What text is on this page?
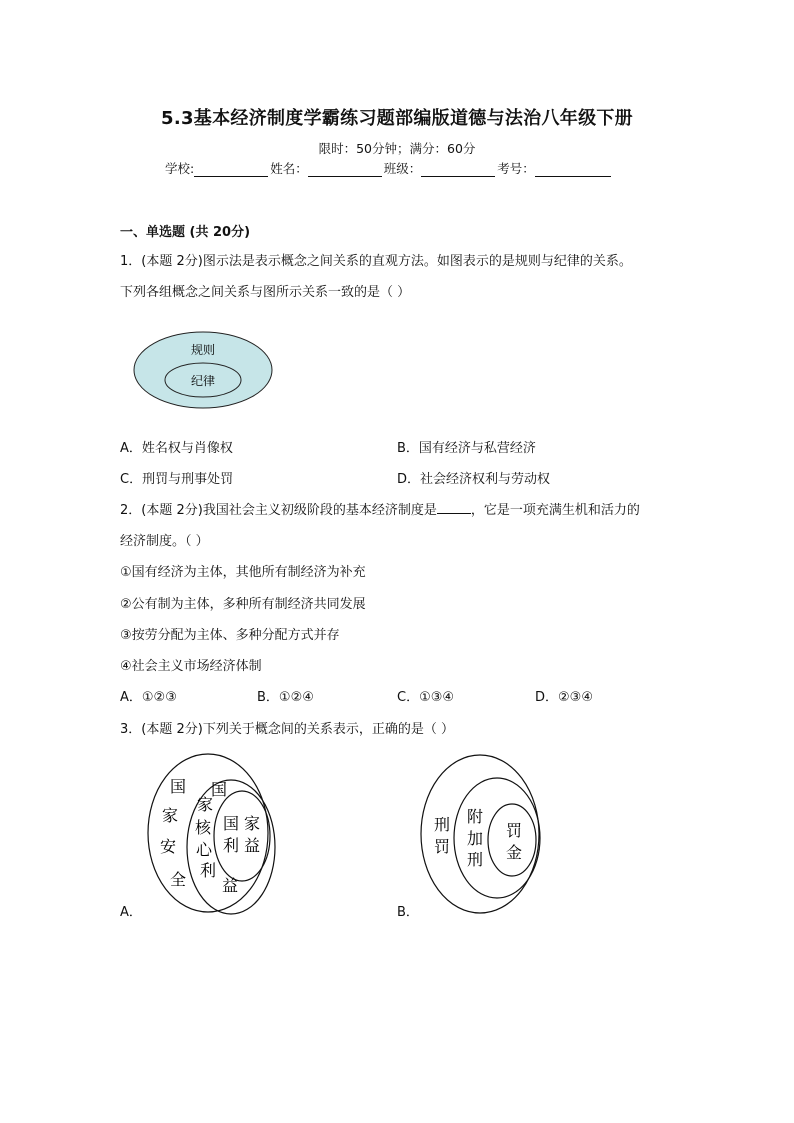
5.3基本经济制度学霸练习题部编版道德与法治八年级下册
限时：50分钟；满分：60分
学校:	姓名：	班级：	考号：
一、单选题 (共 20分)
1．(本题 2分)图示法是表示概念之间关系的直观方法。如图表示的是规则与纪律的关系。
下列各组概念之间关系与图所示关系一致的是（ ）
规则
纪律
A．姓名权与肖像权	B．国有经济与私营经济
C．刑罚与刑事处罚	D．社会经济权利与劳动权
2．(本题 2分)我国社会主义初级阶段的基本经济制度是	，它是一项充满生机和活力的
经济制度。（ ）
①国有经济为主体，其他所有制经济为补充
②公有制为主体，多种所有制经济共同发展
③按劳分配为主体、多种分配方式并存
④社会主义市场经济体制
A．①②③	B．①②④	C．①③④	D．②③④
3．(本题 2分)下列关于概念间的关系表示，正确的是（ ）
国
家
安
全
国
家
核
心
利
益
国 家
利 益
刑
罚
附
加
刑
罚
金
A．	B．
